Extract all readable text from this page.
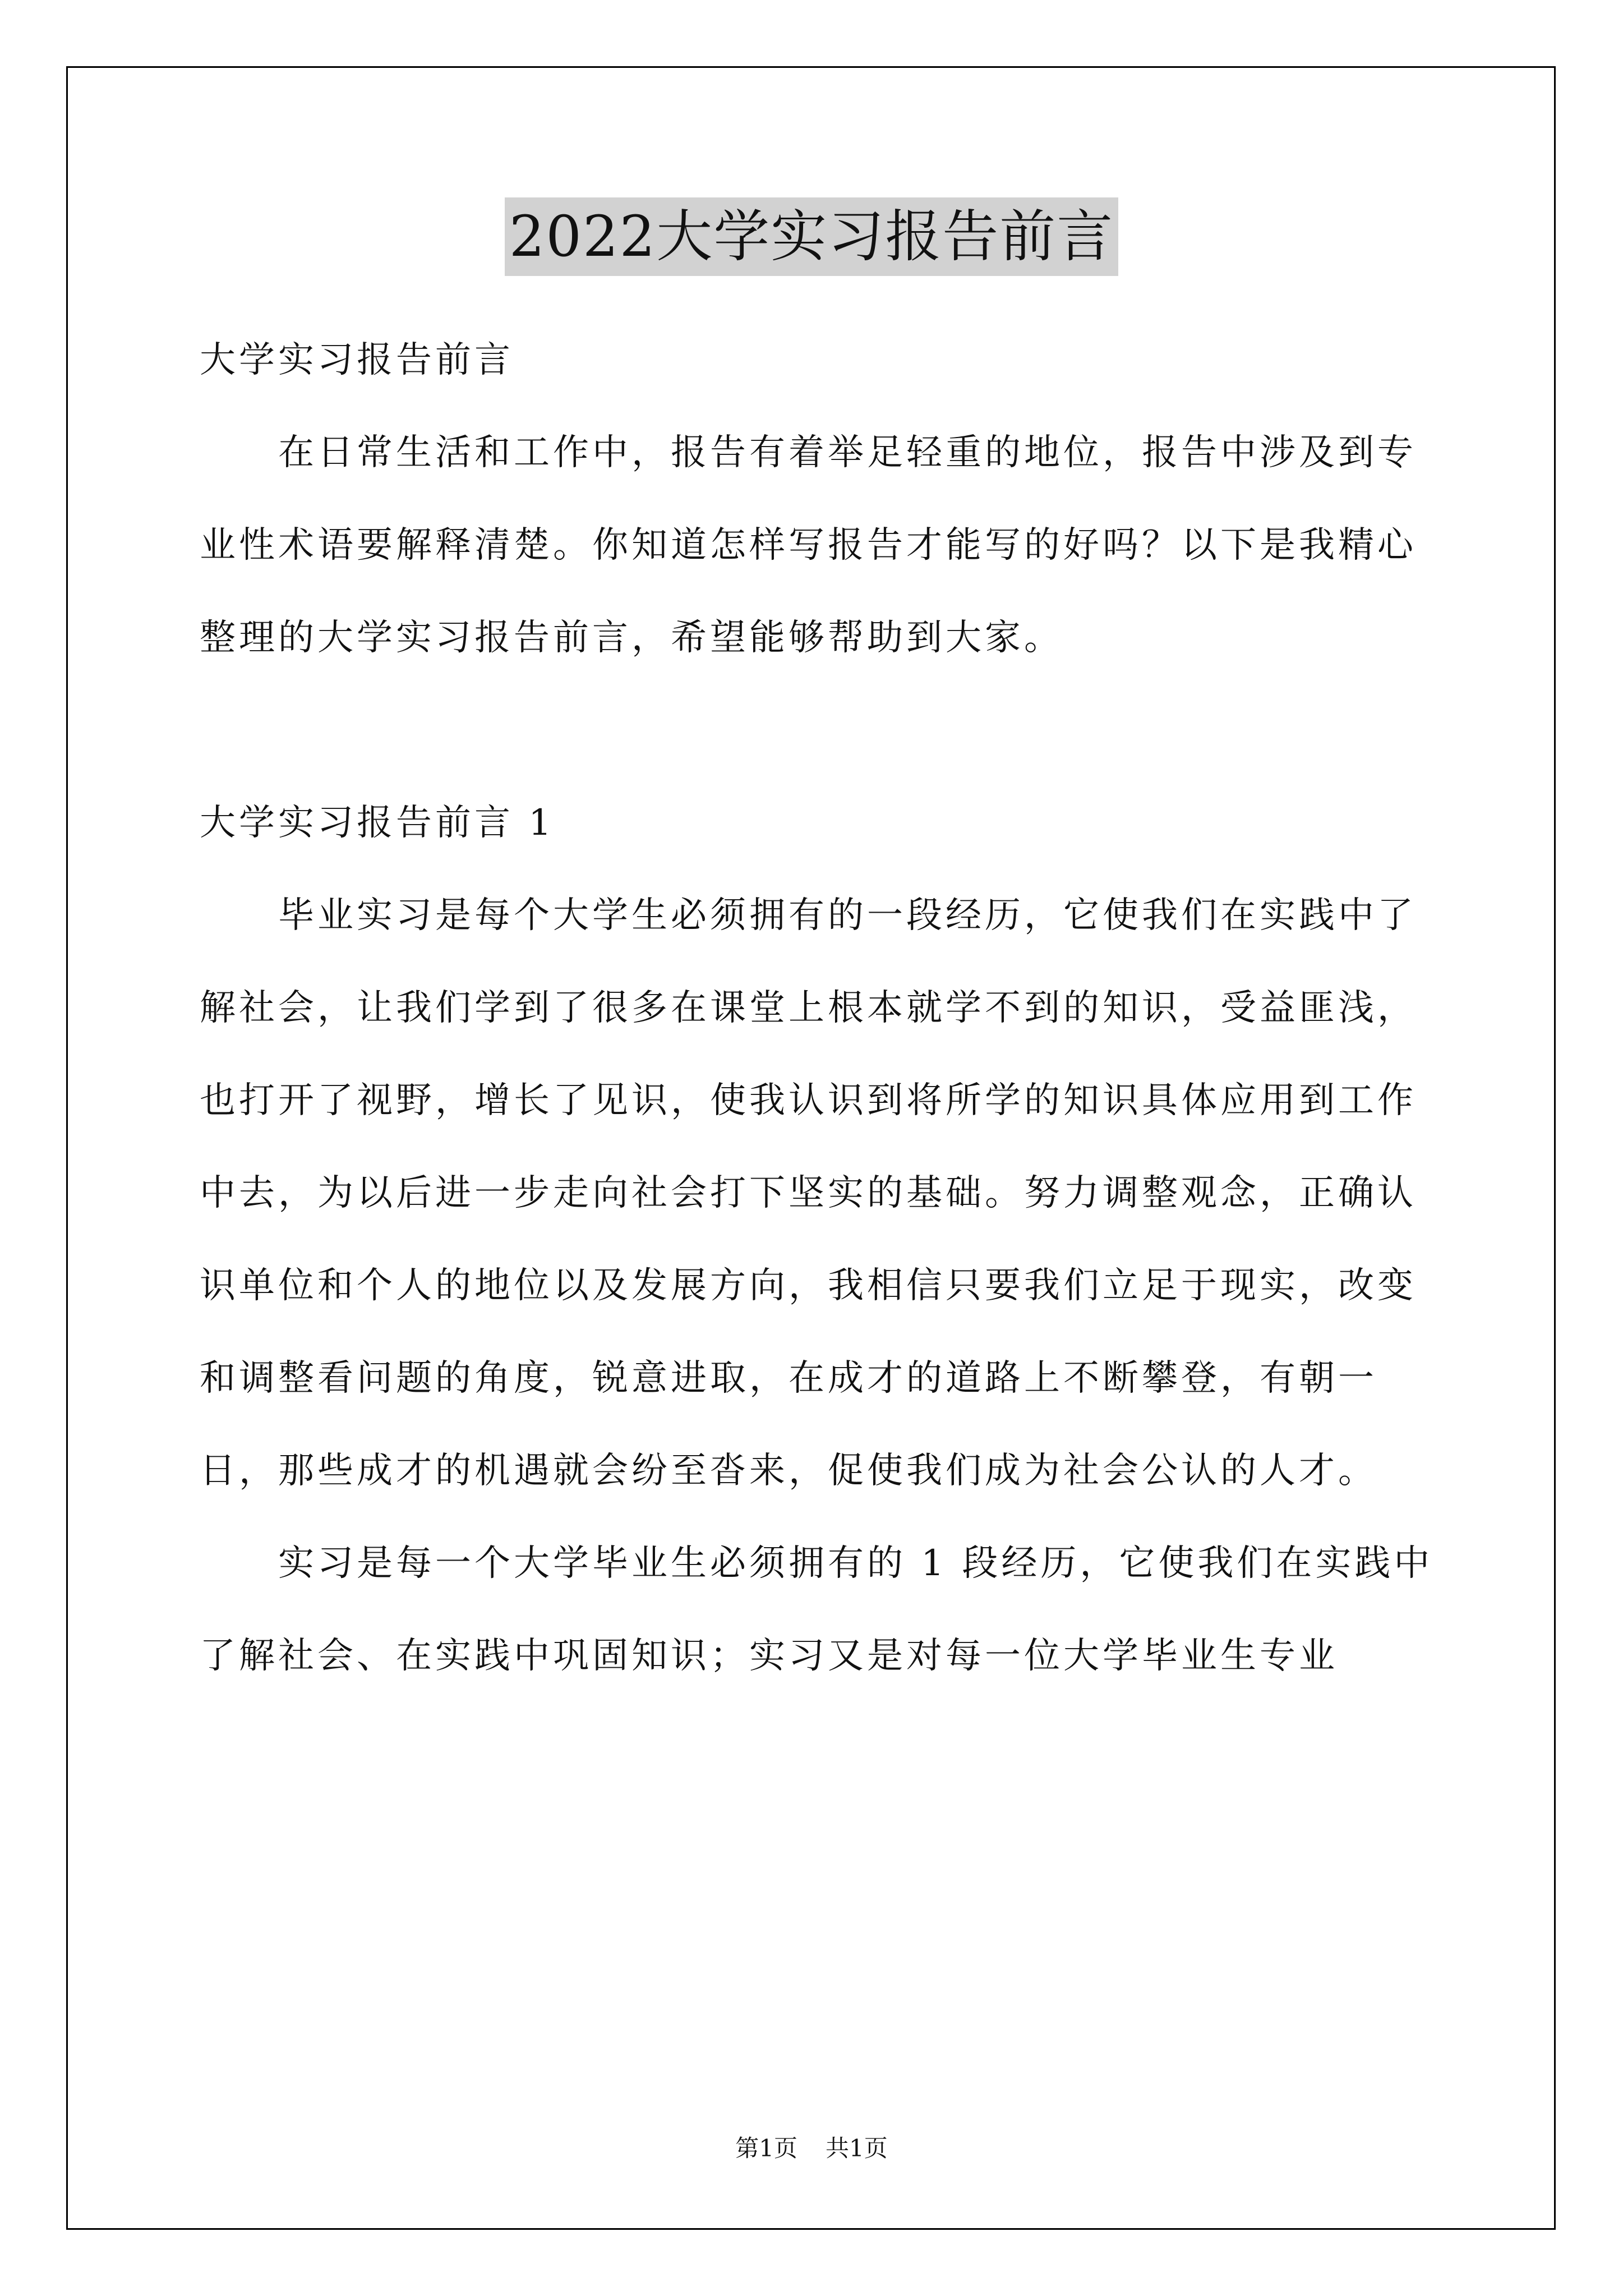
2022大学实习报告前言

大学实习报告前言

在日常生活和工作中，报告有着举足轻重的地位，报告中涉及到专业性术语要解释清楚。你知道怎样写报告才能写的好吗？以下是我精心整理的大学实习报告前言，希望能够帮助到大家。

大学实习报告前言 1

毕业实习是每个大学生必须拥有的一段经历，它使我们在实践中了解社会，让我们学到了很多在课堂上根本就学不到的知识，受益匪浅，也打开了视野，增长了见识，使我认识到将所学的知识具体应用到工作中去，为以后进一步走向社会打下坚实的基础。努力调整观念，正确认识单位和个人的地位以及发展方向，我相信只要我们立足于现实，改变和调整看问题的角度，锐意进取，在成才的道路上不断攀登，有朝一日，那些成才的机遇就会纷至沓来，促使我们成为社会公认的人才。

实习是每一个大学毕业生必须拥有的 1 段经历，它使我们在实践中了解社会、在实践中巩固知识；实习又是对每一位大学毕业生专业

第1页 共1页
